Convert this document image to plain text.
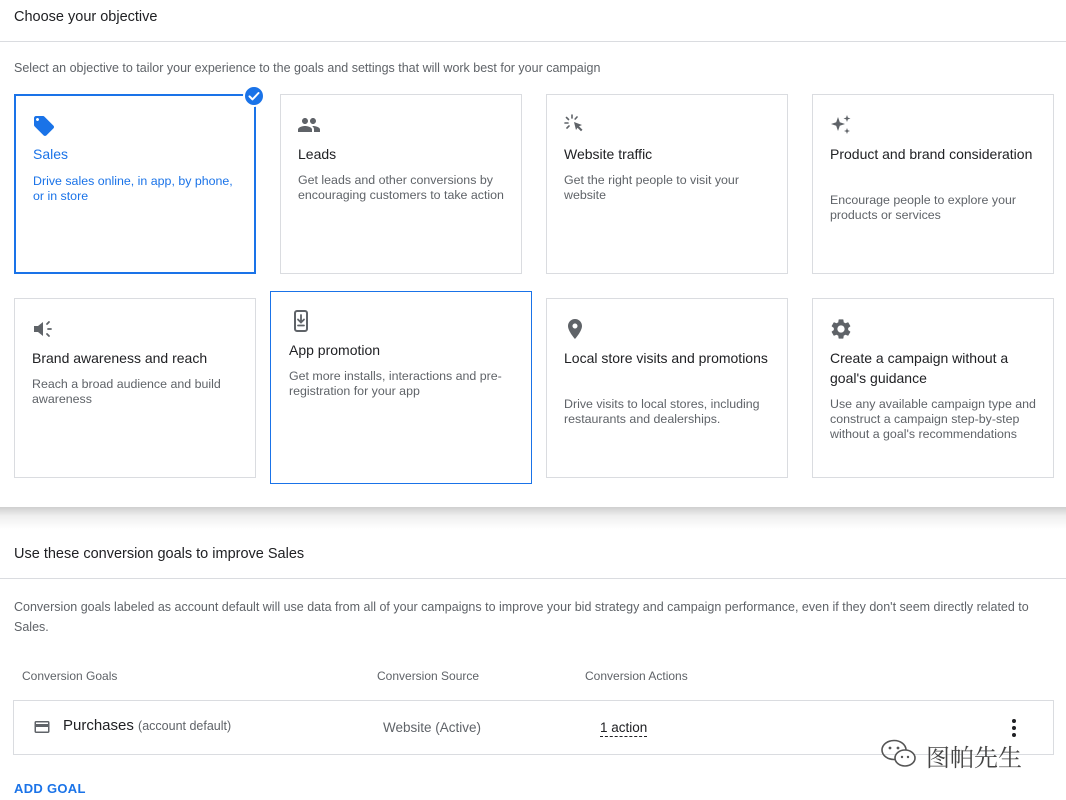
Choose your objective
Select an objective to tailor your experience to the goals and settings that will work best for your campaign
Sales
Drive sales online, in app, by phone, or in store
Leads
Get leads and other conversions by encouraging customers to take action
Website traffic
Get the right people to visit your website
Product and brand consideration
Encourage people to explore your products or services
Brand awareness and reach
Reach a broad audience and build awareness
App promotion
Get more installs, interactions and pre-registration for your app
Local store visits and promotions
Drive visits to local stores, including restaurants and dealerships.
Create a campaign without a goal's guidance
Use any available campaign type and construct a campaign step-by-step without a goal's recommendations
Use these conversion goals to improve Sales
Conversion goals labeled as account default will use data from all of your campaigns to improve your bid strategy and campaign performance, even if they don't seem directly related to Sales.
Conversion Goals	Conversion Source	Conversion Actions
Purchases (account default)	Website (Active)	1 action
ADD GOAL
图帕先生
